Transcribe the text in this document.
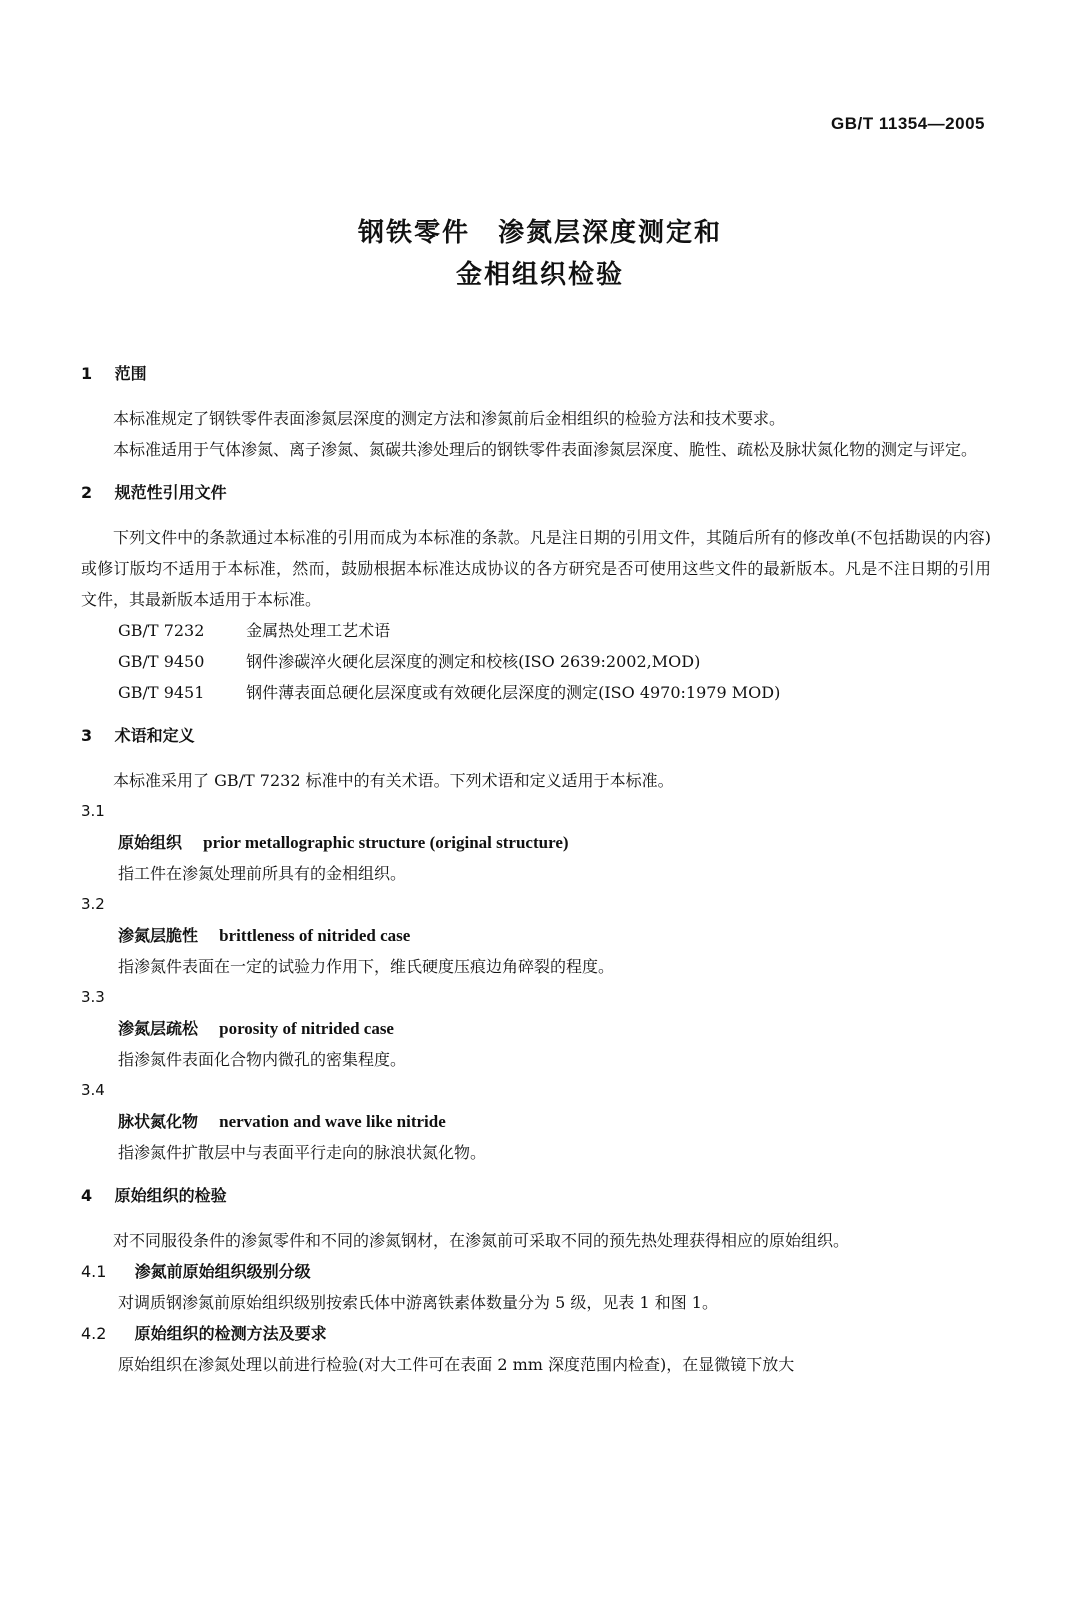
GB/T 11354—2005
钢铁零件　渗氮层深度测定和
金相组织检验
1 范围
本标准规定了钢铁零件表面渗氮层深度的测定方法和渗氮前后金相组织的检验方法和技术要求。
本标准适用于气体渗氮、离子渗氮、氮碳共渗处理后的钢铁零件表面渗氮层深度、脆性、疏松及脉状氮化物的测定与评定。
2 规范性引用文件
下列文件中的条款通过本标准的引用而成为本标准的条款。凡是注日期的引用文件，其随后所有的修改单(不包括勘误的内容)或修订版均不适用于本标准，然而，鼓励根据本标准达成协议的各方研究是否可使用这些文件的最新版本。凡是不注日期的引用文件，其最新版本适用于本标准。
GB/T 7232	金属热处理工艺术语
GB/T 9450	钢件渗碳淬火硬化层深度的测定和校核(ISO 2639:2002,MOD)
GB/T 9451	钢件薄表面总硬化层深度或有效硬化层深度的测定(ISO 4970:1979 MOD)
3 术语和定义
本标准采用了 GB/T 7232 标准中的有关术语。下列术语和定义适用于本标准。
3.1
原始组织 prior metallographic structure (original structure)
指工件在渗氮处理前所具有的金相组织。
3.2
渗氮层脆性 brittleness of nitrided case
指渗氮件表面在一定的试验力作用下，维氏硬度压痕边角碎裂的程度。
3.3
渗氮层疏松 porosity of nitrided case
指渗氮件表面化合物内微孔的密集程度。
3.4
脉状氮化物 nervation and wave like nitride
指渗氮件扩散层中与表面平行走向的脉浪状氮化物。
4 原始组织的检验
对不同服役条件的渗氮零件和不同的渗氮钢材，在渗氮前可采取不同的预先热处理获得相应的原始组织。
4.1 渗氮前原始组织级别分级
对调质钢渗氮前原始组织级别按索氏体中游离铁素体数量分为 5 级，见表 1 和图 1。
4.2 原始组织的检测方法及要求
原始组织在渗氮处理以前进行检验(对大工件可在表面 2 mm 深度范围内检查)，在显微镜下放大
